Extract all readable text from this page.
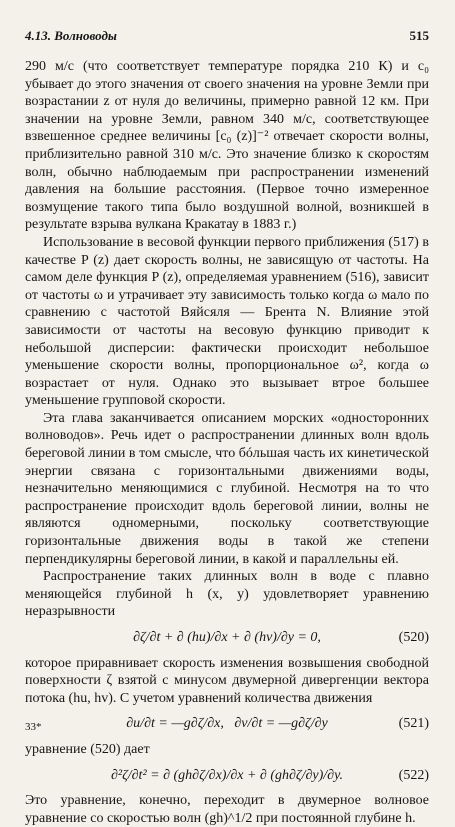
4.13. Волноводы	515

290 м/с (что соответствует температуре порядка 210 К) и c₀ убывает до этого значения от своего значения на уровне Земли при возрастании z от нуля до величины, примерно равной 12 км. При значении на уровне Земли, равном 340 м/с, соответствующее взвешенное среднее величины [c₀ (z)]⁻² отвечает скорости волны, приблизительно равной 310 м/с. Это значение близко к скоростям волн, обычно наблюдаемым при распространении изменений давления на большие расстояния. (Первое точно измеренное возмущение такого типа было воздушной волной, возникшей в результате взрыва вулкана Кракатау в 1883 г.)

Использование в весовой функции первого приближения (517) в качестве P (z) дает скорость волны, не зависящую от частоты. На самом деле функция P (z), определяемая уравнением (516), зависит от частоты ω и утрачивает эту зависимость только когда ω мало по сравнению с частотой Вяйсяля — Брента N. Влияние этой зависимости от частоты на весовую функцию приводит к небольшой дисперсии: фактически происходит небольшое уменьшение скорости волны, пропорциональное ω², когда ω возрастает от нуля. Однако это вызывает втрое большее уменьшение групповой скорости.

Эта глава заканчивается описанием морских «односторонних волноводов». Речь идет о распространении длинных волн вдоль береговой линии в том смысле, что бóльшая часть их кинетической энергии связана с горизонтальными движениями воды, незначительно меняющимися с глубиной. Несмотря на то что распространение происходит вдоль береговой линии, волны не являются одномерными, поскольку соответствующие горизонтальные движения воды в такой же степени перпендикулярны береговой линии, в какой и параллельны ей.

Распространение таких длинных волн в воде с плавно меняющейся глубиной h (x, y) удовлетворяет уравнению неразрывности

∂ζ/∂t + ∂ (hu)/∂x + ∂ (hv)/∂y = 0,	(520)

которое приравнивает скорость изменения возвышения свободной поверхности ζ взятой с минусом двумерной дивергенции вектора потока (hu, hv). С учетом уравнений количества движения

∂u/∂t = —g∂ζ/∂x,   ∂v/∂t = —g∂ζ/∂y	(521)

уравнение (520) дает

∂²ζ/∂t² = ∂ (gh∂ζ/∂x)/∂x + ∂ (gh∂ζ/∂y)/∂y.	(522)

Это уравнение, конечно, переходит в двумерное волновое уравнение со скоростью волн (gh)^1/2 при постоянной глубине h.

33*
